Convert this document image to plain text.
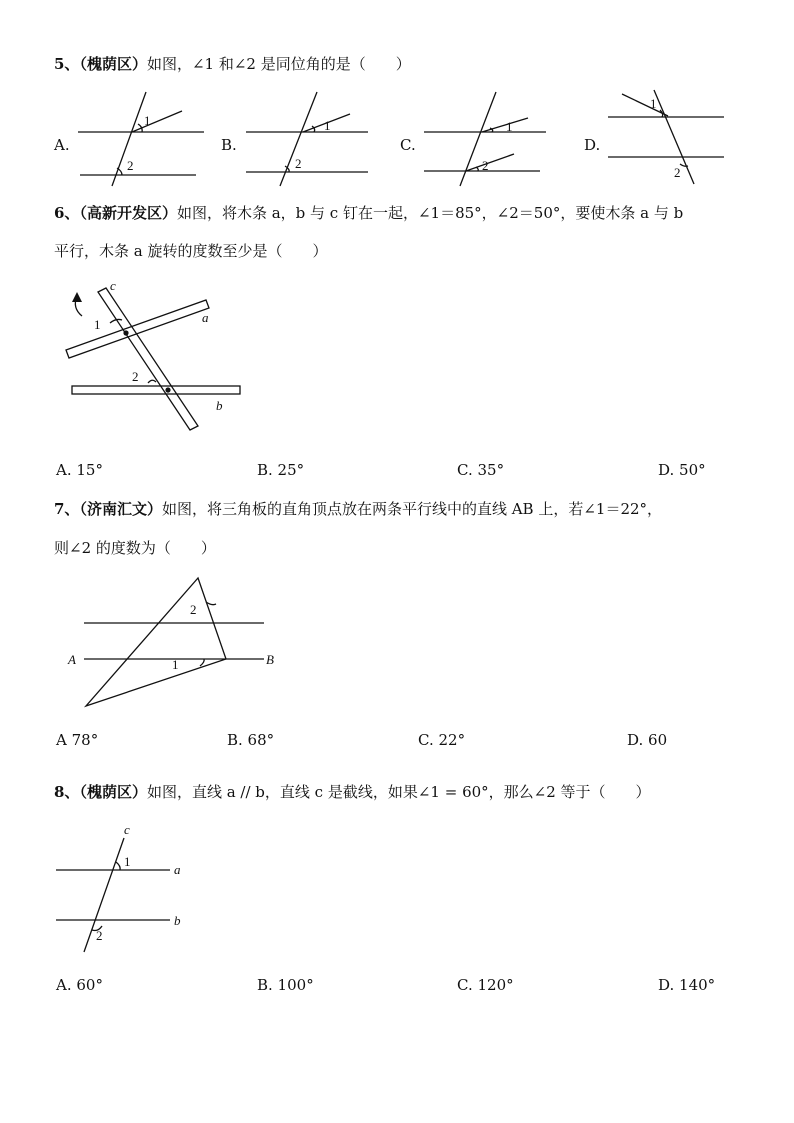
5、（槐荫区）如图，∠1 和∠2 是同位角的是（　　）
A.
1
2
B.
1
2
C.
1
2
D.
1
2
6、（高新开发区）如图，将木条 a，b 与 c 钉在一起，∠1＝85°，∠2＝50°，要使木条 a 与 b
平行，木条 a 旋转的度数至少是（　　）
c
a
b
1
2
A. 15°	B. 25°	C. 35°	D. 50°
7、（济南汇文）如图，将三角板的直角顶点放在两条平行线中的直线 AB 上，若∠1＝22°，
则∠2 的度数为（　　）
2
1
A	B
A 78°	B. 68°	C. 22°	D. 60
8、（槐荫区）如图，直线 a // b，直线 c 是截线，如果∠1 = 60°，那么∠2 等于（　　）
c
1
a
b
2
A. 60°	B. 100°	C. 120°	D. 140°
